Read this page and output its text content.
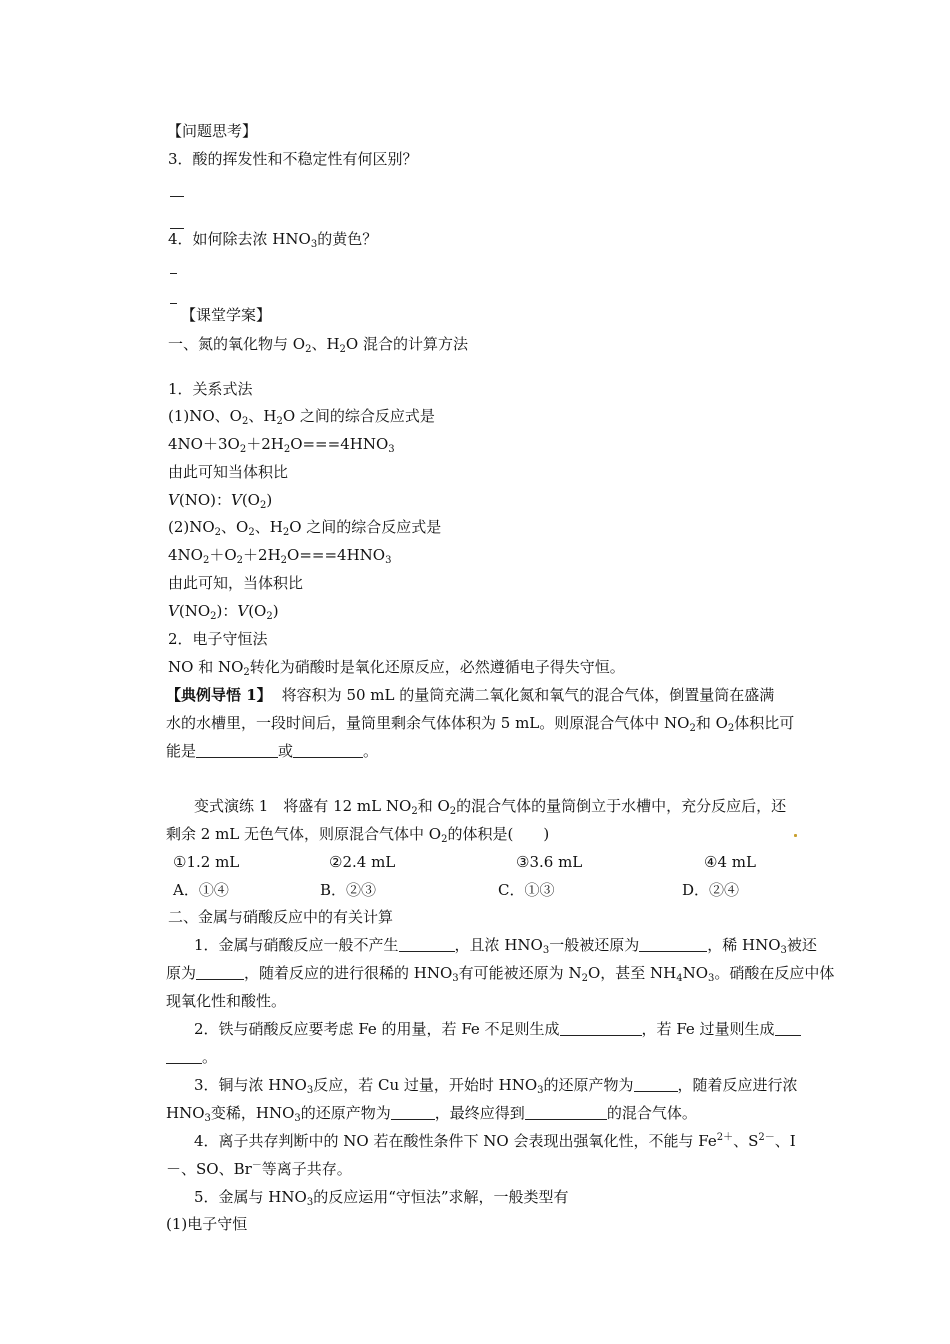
【问题思考】
3．酸的挥发性和不稳定性有何区别？
4．如何除去浓 $HNO_3$的黄色？
【课堂学案】
一、氮的氧化物与 $O_2$、$H_2O$ 混合的计算方法
1．关系式法
(1)NO、$O_2$、$H_2O$ 之间的综合反应式是
$4NO+3O_2+2H_2O===4HNO_3$
由此可知当体积比
V(NO)：$V(O_2)$
$(2)NO_2$、$O_2$、$H_2O$ 之间的综合反应式是
$4NO_2+O_2+2H_2O===4HNO_3$
由此可知，当体积比
$V(NO_2)$：$V(O_2)$
2．电子守恒法
NO 和 $NO_2$转化为硝酸时是氧化还原反应，必然遵循电子得失守恒。
【典例导悟 1】 将容积为 50 mL 的量筒充满二氧化氮和氧气的混合气体，倒置量筒在盛满
水的水槽里，一段时间后，量筒里剩余气体体积为 5 mL。则原混合气体中 $NO_2$和 $O_2$体积比可
能是	或	。
变式演练 1　将盛有 12 mL $NO_2$和 $O_2$的混合气体的量筒倒立于水槽中，充分反应后，还
剩余 2 mL 无色气体，则原混合气体中 $O_2$的体积是(　　)
①1.2 mL	②2.4 mL	③3.6 mL	④4 mL
A．①④	B．②③	C．①③	D．②④
二、金属与硝酸反应中的有关计算
1．金属与硝酸反应一般不产生	，且浓 $HNO_3$一般被还原为	，稀 $HNO_3$被还
原为	，随着反应的进行很稀的 $HNO_3$有可能被还原为 $N_2O$，甚至 $NH_4NO_3$。硝酸在反应中体
现氧化性和酸性。
2．铁与硝酸反应要考虑 Fe 的用量，若 Fe 不足则生成	，若 Fe 过量则生成
。
3．铜与浓 $HNO_3$反应，若 Cu 过量，开始时 $HNO_3$的还原产物为	，随着反应进行浓
$HNO_3$变稀，$HNO_3$的还原产物为	，最终应得到	的混合气体。
4．离子共存判断中的 NO 若在酸性条件下 NO 会表现出强氧化性，不能与 $Fe^{2+}$、$S^{2-}$、I
－、SO、Br－等离子共存。
5．金属与 $HNO_3$的反应运用“守恒法”求解，一般类型有
(1)电子守恒
